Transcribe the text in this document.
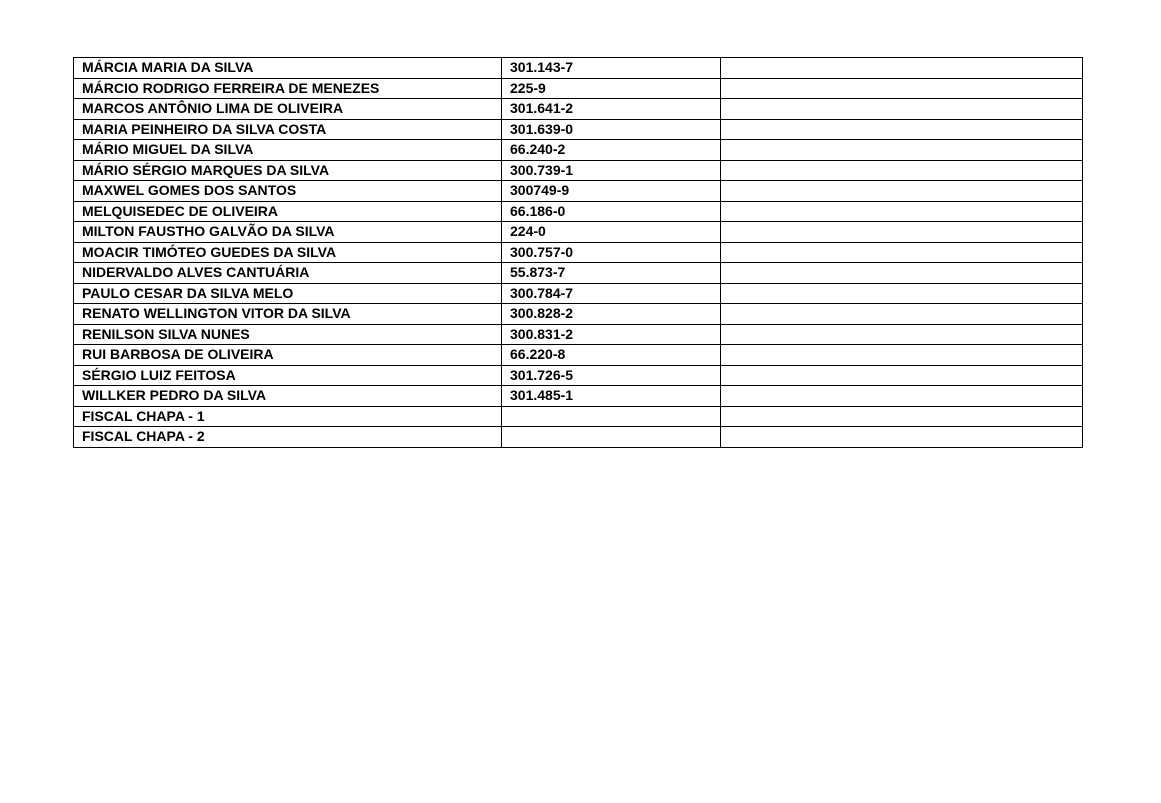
MÁRCIA MARIA DA SILVA	301.143-7	
MÁRCIO RODRIGO FERREIRA DE MENEZES	225-9	
MARCOS ANTÔNIO LIMA DE OLIVEIRA	301.641-2	
MARIA PEINHEIRO DA SILVA COSTA	301.639-0	
MÁRIO MIGUEL DA SILVA	66.240-2	
MÁRIO SÉRGIO MARQUES DA SILVA	300.739-1	
MAXWEL GOMES DOS SANTOS	300749-9	
MELQUISEDEC DE OLIVEIRA	66.186-0	
MILTON FAUSTHO GALVÃO DA SILVA	224-0	
MOACIR TIMÓTEO GUEDES DA SILVA	300.757-0	
NIDERVALDO ALVES CANTUÁRIA	55.873-7	
PAULO CESAR DA SILVA MELO	300.784-7	
RENATO WELLINGTON VITOR DA SILVA	300.828-2	
RENILSON SILVA NUNES	300.831-2	
RUI BARBOSA DE OLIVEIRA	66.220-8	
SÉRGIO LUIZ FEITOSA	301.726-5	
WILLKER PEDRO DA SILVA	301.485-1	
FISCAL CHAPA - 1		
FISCAL CHAPA - 2		
